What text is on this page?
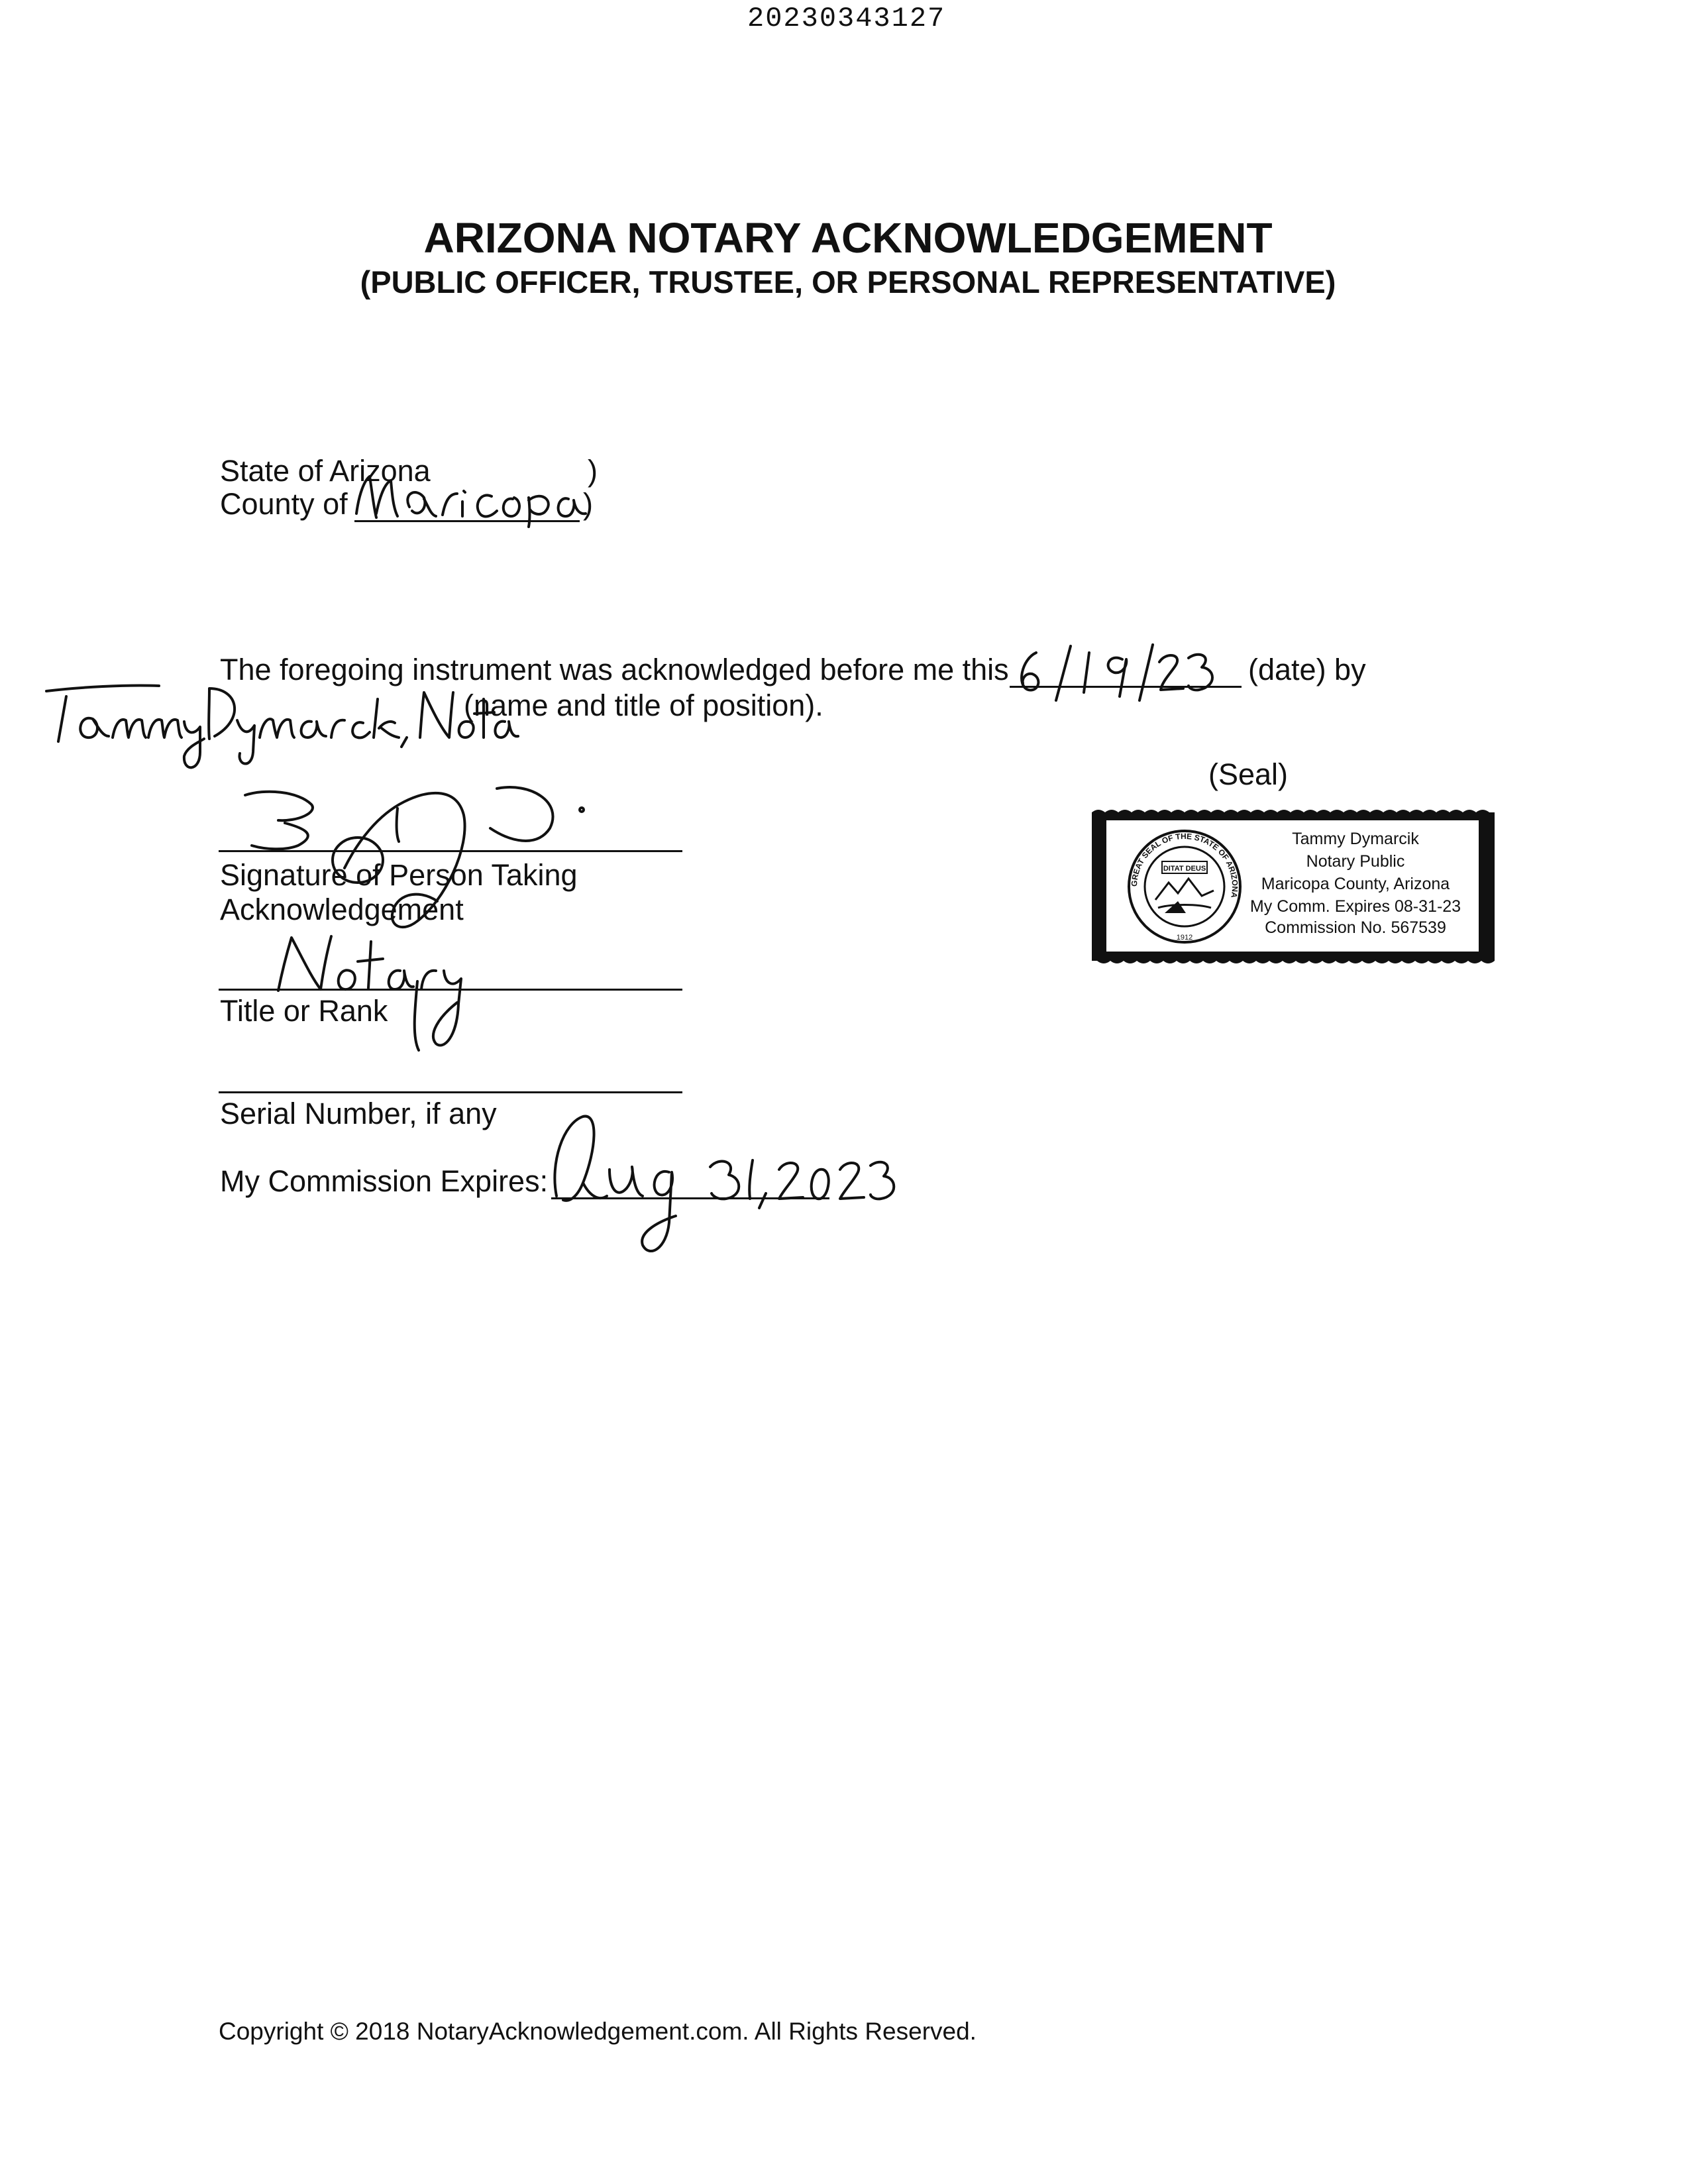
20230343127
ARIZONA NOTARY ACKNOWLEDGEMENT
(PUBLIC OFFICER, TRUSTEE, OR PERSONAL REPRESENTATIVE)
State of Arizona	)
County of	)
The foregoing instrument was acknowledged before me this	(date) by
(name and title of position).
(Seal)
Signature of Person Taking
Acknowledgement
Title or Rank
Serial Number, if any
My Commission Expires:
GREAT SEAL OF THE STATE OF ARIZONA
DITAT DEUS
1912
Tammy Dymarcik
Notary Public
Maricopa County, Arizona
My Comm. Expires 08-31-23
Commission No. 567539
Copyright © 2018 NotaryAcknowledgement.com. All Rights Reserved.
